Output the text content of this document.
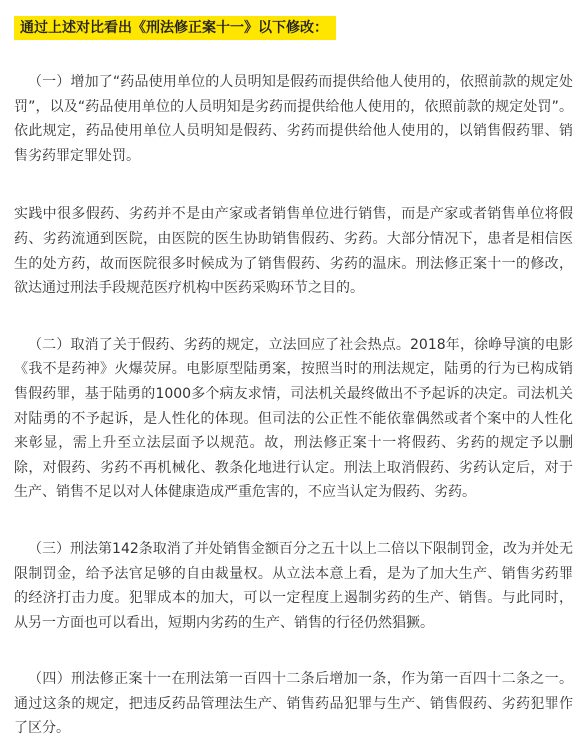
通过上述对比看出《刑法修正案十一》以下修改：

（一）增加了“药品使用单位的人员明知是假药而提供给他人使用的，依照前款的规定处罚”，以及“药品使用单位的人员明知是劣药而提供给他人使用的，依照前款的规定处罚”。依此规定，药品使用单位人员明知是假药、劣药而提供给他人使用的，以销售假药罪、销售劣药罪定罪处罚。

实践中很多假药、劣药并不是由产家或者销售单位进行销售，而是产家或者销售单位将假药、劣药流通到医院，由医院的医生协助销售假药、劣药。大部分情况下，患者是相信医生的处方药，故而医院很多时候成为了销售假药、劣药的温床。刑法修正案十一的修改，欲达通过刑法手段规范医疗机构中医药采购环节之目的。

（二）取消了关于假药、劣药的规定，立法回应了社会热点。2018年，徐峥导演的电影《我不是药神》火爆荧屏。电影原型陆勇案，按照当时的刑法规定，陆勇的行为已构成销售假药罪，基于陆勇的1000多个病友求情，司法机关最终做出不予起诉的决定。司法机关对陆勇的不予起诉，是人性化的体现。但司法的公正性不能依靠偶然或者个案中的人性化来彰显，需上升至立法层面予以规范。故，刑法修正案十一将假药、劣药的规定予以删除，对假药、劣药不再机械化、教条化地进行认定。刑法上取消假药、劣药认定后，对于生产、销售不足以对人体健康造成严重危害的，不应当认定为假药、劣药。

（三）刑法第142条取消了并处销售金额百分之五十以上二倍以下限制罚金，改为并处无限制罚金，给予法官足够的自由裁量权。从立法本意上看，是为了加大生产、销售劣药罪的经济打击力度。犯罪成本的加大，可以一定程度上遏制劣药的生产、销售。与此同时，从另一方面也可以看出，短期内劣药的生产、销售的行径仍然猖獗。

（四）刑法修正案十一在刑法第一百四十二条后增加一条，作为第一百四十二条之一。通过这条的规定，把违反药品管理法生产、销售药品犯罪与生产、销售假药、劣药犯罪作了区分。
